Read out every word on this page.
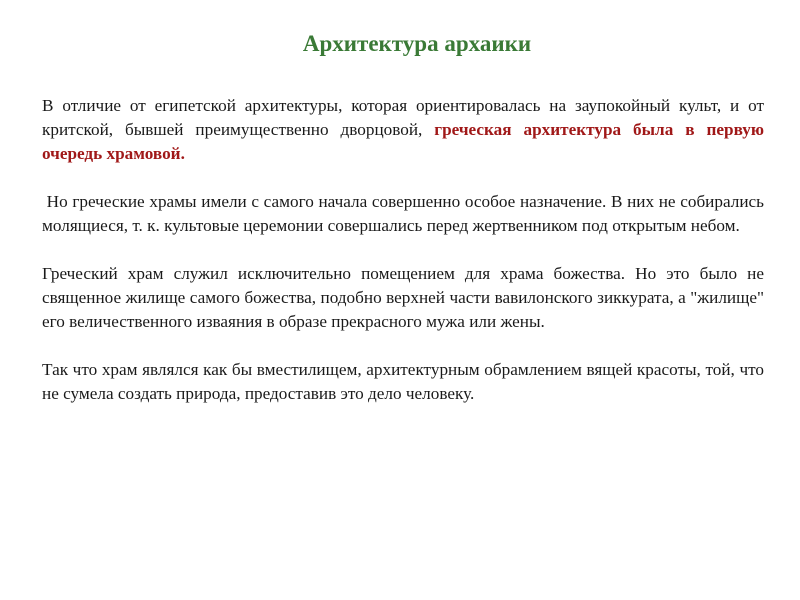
Архитектура архаики

В отличие от египетской архитектуры, которая ориентировалась на заупокойный культ, и от критской, бывшей преимущественно дворцовой, греческая архитектура была в первую очередь храмовой.

Но греческие храмы имели с самого начала совершенно особое назначение. В них не собирались молящиеся, т. к. культовые церемонии совершались перед жертвенником под открытым небом.

Греческий храм служил исключительно помещением для храма божества. Но это было не священное жилище самого божества, подобно верхней части вавилонского зиккурата, а "жилище" его величественного изваяния в образе прекрасного мужа или жены.

Так что храм являлся как бы вместилищем, архитектурным обрамлением вящей красоты, той, что не сумела создать природа, предоставив это дело человеку.
